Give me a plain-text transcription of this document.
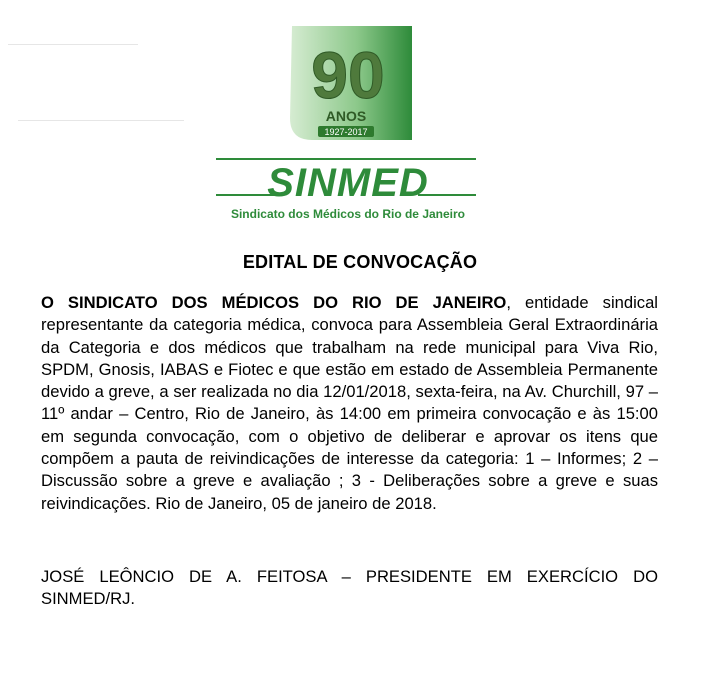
90
ANOS
1927-2017
SINMED
Sindicato dos Médicos do Rio de Janeiro
EDITAL DE CONVOCAÇÃO

O SINDICATO DOS MÉDICOS DO RIO DE JANEIRO, entidade sindical representante da categoria médica, convoca para Assembleia Geral Extraordinária da Categoria e dos médicos que trabalham na rede municipal para Viva Rio, SPDM, Gnosis, IABAS e Fiotec e que estão em estado de Assembleia Permanente devido a greve, a ser realizada no dia 12/01/2018, sexta-feira, na Av. Churchill, 97 – 11º andar – Centro, Rio de Janeiro, às 14:00 em primeira convocação e às 15:00 em segunda convocação, com o objetivo de deliberar e aprovar os itens que compõem a pauta de reivindicações de interesse da categoria: 1 – Informes; 2 – Discussão sobre a greve e avaliação ; 3 - Deliberações sobre a greve e suas reivindicações. Rio de Janeiro, 05 de janeiro de 2018.

JOSÉ LEÔNCIO DE A. FEITOSA – PRESIDENTE EM EXERCÍCIO DO SINMED/RJ.
